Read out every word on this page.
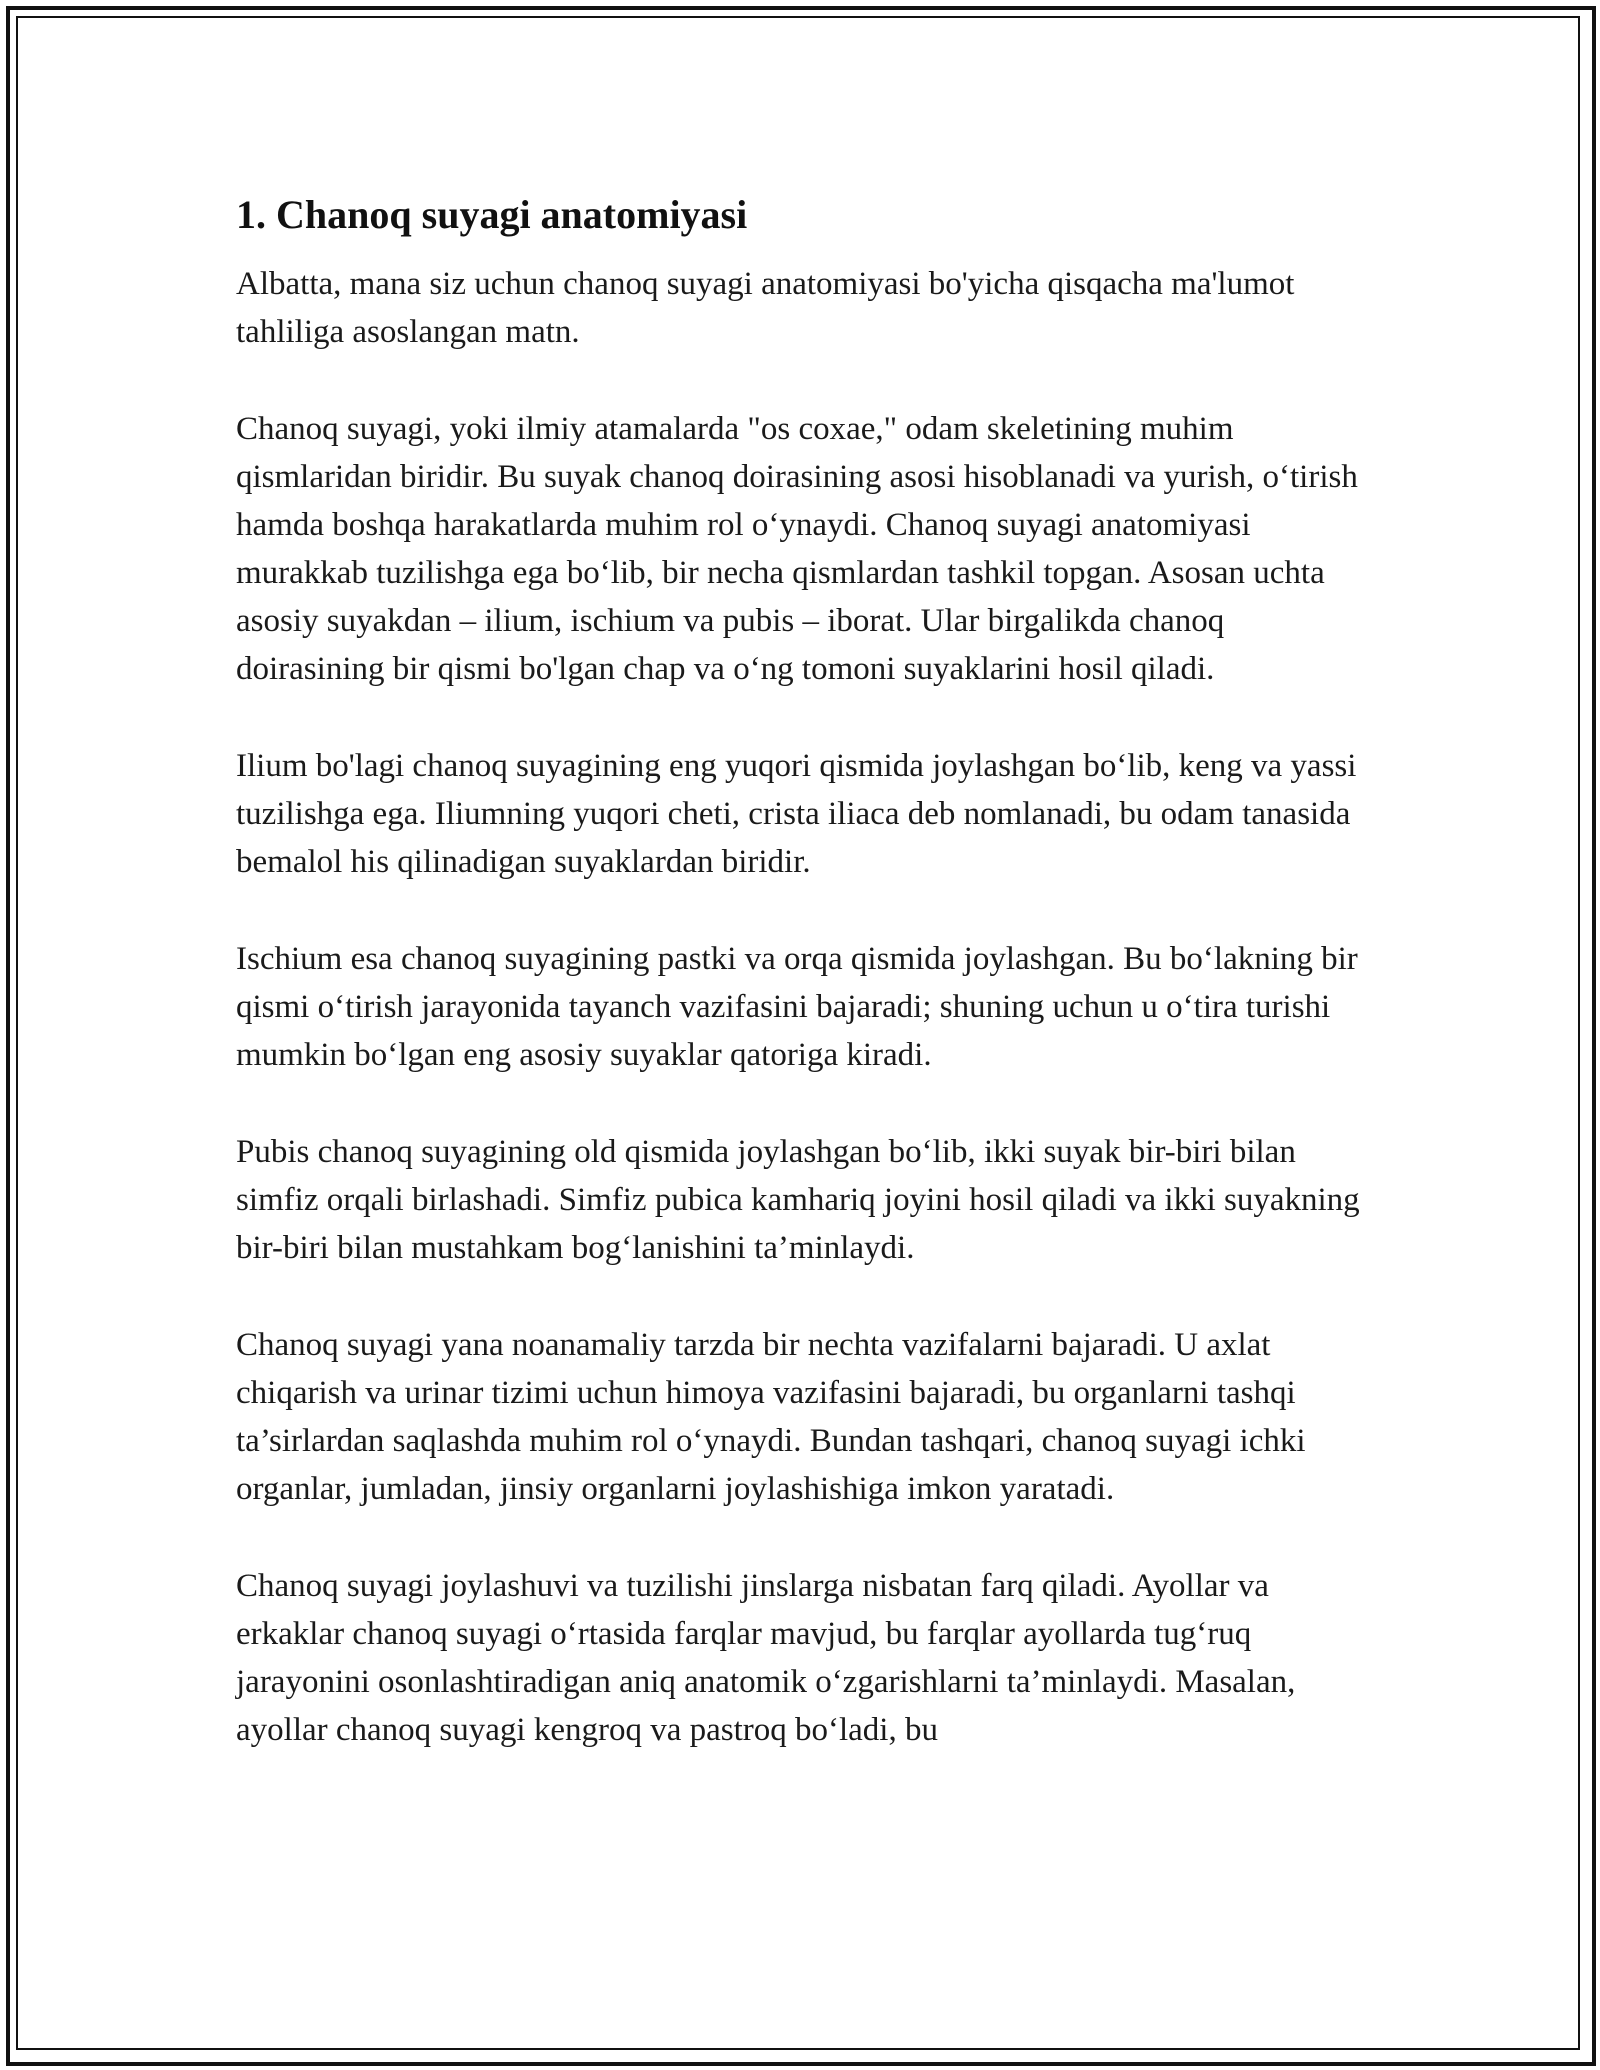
1. Chanoq suyagi anatomiyasi

Albatta, mana siz uchun chanoq suyagi anatomiyasi bo'yicha qisqacha ma'lumot tahliliga asoslangan matn.

Chanoq suyagi, yoki ilmiy atamalarda "os coxae," odam skeletining muhim qismlaridan biridir. Bu suyak chanoq doirasining asosi hisoblanadi va yurish, oʻtirish hamda boshqa harakatlarda muhim rol oʻynaydi. Chanoq suyagi anatomiyasi murakkab tuzilishga ega boʻlib, bir necha qismlardan tashkil topgan. Asosan uchta asosiy suyakdan – ilium, ischium va pubis – iborat. Ular birgalikda chanoq doirasining bir qismi bo'lgan chap va oʻng tomoni suyaklarini hosil qiladi.

Ilium bo'lagi chanoq suyagining eng yuqori qismida joylashgan boʻlib, keng va yassi tuzilishga ega. Iliumning yuqori cheti, crista iliaca deb nomlanadi, bu odam tanasida bemalol his qilinadigan suyaklardan biridir.

Ischium esa chanoq suyagining pastki va orqa qismida joylashgan. Bu boʻlakning bir qismi oʻtirish jarayonida tayanch vazifasini bajaradi; shuning uchun u oʻtira turishi mumkin boʻlgan eng asosiy suyaklar qatoriga kiradi.

Pubis chanoq suyagining old qismida joylashgan boʻlib, ikki suyak bir-biri bilan simfiz orqali birlashadi. Simfiz pubica kamhariq joyini hosil qiladi va ikki suyakning bir-biri bilan mustahkam bogʻlanishini ta’minlaydi.

Chanoq suyagi yana noanamaliy tarzda bir nechta vazifalarni bajaradi. U axlat chiqarish va urinar tizimi uchun himoya vazifasini bajaradi, bu organlarni tashqi ta’sirlardan saqlashda muhim rol oʻynaydi. Bundan tashqari, chanoq suyagi ichki organlar, jumladan, jinsiy organlarni joylashishiga imkon yaratadi.

Chanoq suyagi joylashuvi va tuzilishi jinslarga nisbatan farq qiladi. Ayollar va erkaklar chanoq suyagi oʻrtasida farqlar mavjud, bu farqlar ayollarda tugʻruq jarayonini osonlashtiradigan aniq anatomik oʻzgarishlarni ta’minlaydi. Masalan, ayollar chanoq suyagi kengroq va pastroq boʻladi, bu
